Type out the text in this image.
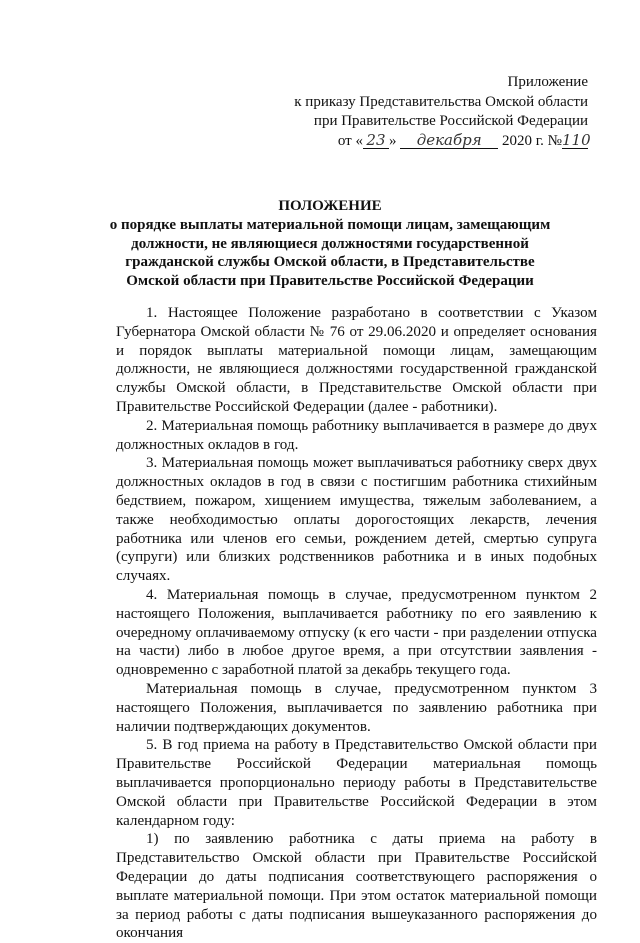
Приложение
к приказу Представительства Омской области
при Правительстве Российской Федерации
от « 23 » декабря 2020 г. №110
ПОЛОЖЕНИЕ
о порядке выплаты материальной помощи лицам, замещающим должности, не являющиеся должностями государственной гражданской службы Омской области, в Представительстве Омской области при Правительстве Российской Федерации

1. Настоящее Положение разработано в соответствии с Указом Губернатора Омской области № 76 от 29.06.2020 и определяет основания и порядок выплаты материальной помощи лицам, замещающим должности, не являющиеся должностями государственной гражданской службы Омской области, в Представительстве Омской области при Правительстве Российской Федерации (далее - работники).

2. Материальная помощь работнику выплачивается в размере до двух должностных окладов в год.

3. Материальная помощь может выплачиваться работнику сверх двух должностных окладов в год в связи с постигшим работника стихийным бедствием, пожаром, хищением имущества, тяжелым заболеванием, а также необходимостью оплаты дорогостоящих лекарств, лечения работника или членов его семьи, рождением детей, смертью супруга (супруги) или близких родственников работника и в иных подобных случаях.

4. Материальная помощь в случае, предусмотренном пунктом 2 настоящего Положения, выплачивается работнику по его заявлению к очередному оплачиваемому отпуску (к его части - при разделении отпуска на части) либо в любое другое время, а при отсутствии заявления - одновременно с заработной платой за декабрь текущего года.

Материальная помощь в случае, предусмотренном пунктом 3 настоящего Положения, выплачивается по заявлению работника при наличии подтверждающих документов.

5. В год приема на работу в Представительство Омской области при Правительстве Российской Федерации материальная помощь выплачивается пропорционально периоду работы в Представительстве Омской области при Правительстве Российской Федерации в этом календарном году:

1) по заявлению работника с даты приема на работу в Представительство Омской области при Правительстве Российской Федерации до даты подписания соответствующего распоряжения о выплате материальной помощи. При этом остаток материальной помощи за период работы с даты подписания вышеуказанного распоряжения до окончания
